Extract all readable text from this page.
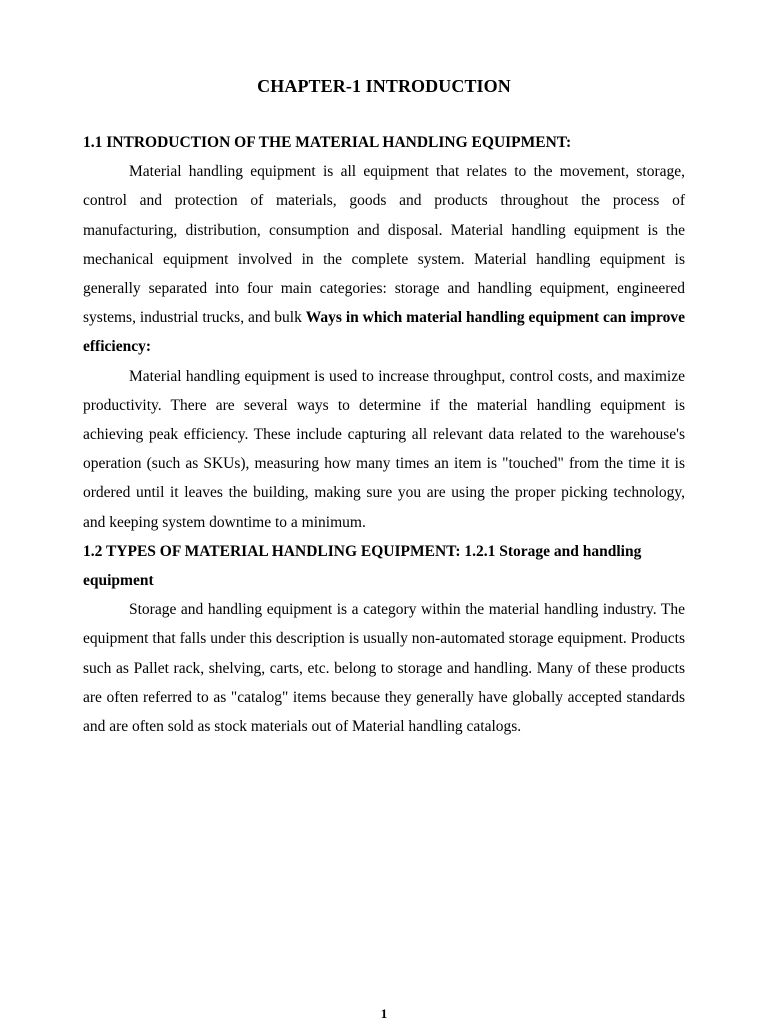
CHAPTER-1 INTRODUCTION

1.1 INTRODUCTION OF THE MATERIAL HANDLING EQUIPMENT:

Material handling equipment is all equipment that relates to the movement, storage, control and protection of materials, goods and products throughout the process of manufacturing, distribution, consumption and disposal. Material handling equipment is the mechanical equipment involved in the complete system. Material handling equipment is generally separated into four main categories: storage and handling equipment, engineered systems, industrial trucks, and bulk Ways in which material handling equipment can improve efficiency:

Material handling equipment is used to increase throughput, control costs, and maximize productivity. There are several ways to determine if the material handling equipment is achieving peak efficiency. These include capturing all relevant data related to the warehouse's operation (such as SKUs), measuring how many times an item is "touched" from the time it is ordered until it leaves the building, making sure you are using the proper picking technology, and keeping system downtime to a minimum.

1.2 TYPES OF MATERIAL HANDLING EQUIPMENT: 1.2.1 Storage and handling equipment

Storage and handling equipment is a category within the material handling industry. The equipment that falls under this description is usually non-automated storage equipment. Products such as Pallet rack, shelving, carts, etc. belong to storage and handling. Many of these products are often referred to as "catalog" items because they generally have globally accepted standards and are often sold as stock materials out of Material handling catalogs.

1
